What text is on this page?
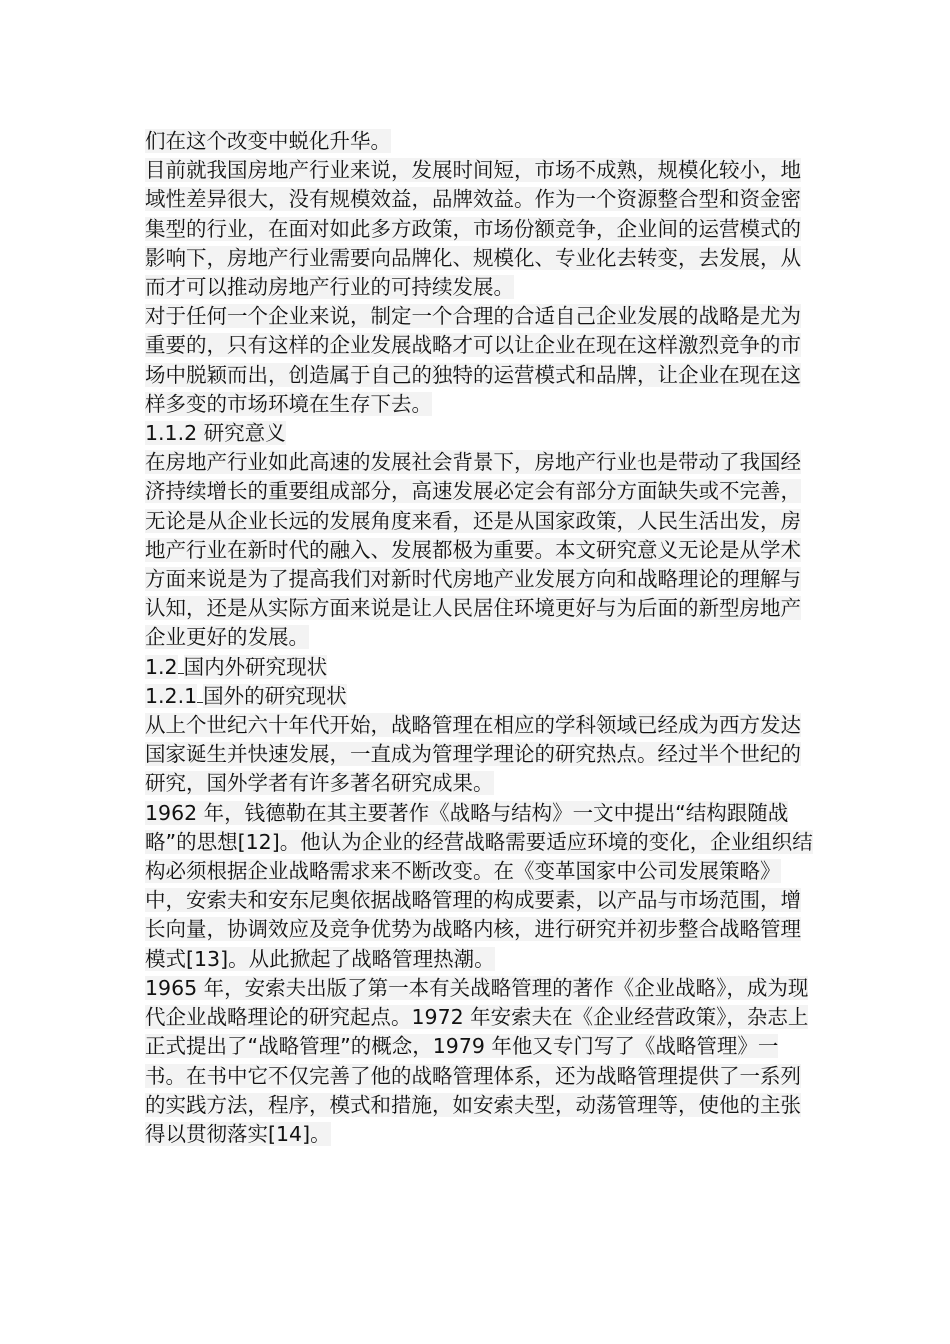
们在这个改变中蜕化升华。

目前就我国房地产行业来说，发展时间短，市场不成熟，规模化较小，地域性差异很大，没有规模效益，品牌效益。作为一个资源整合型和资金密集型的行业，在面对如此多方政策，市场份额竞争，企业间的运营模式的影响下，房地产行业需要向品牌化、规模化、专业化去转变，去发展，从而才可以推动房地产行业的可持续发展。

对于任何一个企业来说，制定一个合理的合适自己企业发展的战略是尤为重要的，只有这样的企业发展战略才可以让企业在现在这样激烈竞争的市场中脱颖而出，创造属于自己的独特的运营模式和品牌，让企业在现在这样多变的市场环境在生存下去。

1.1.2 研究意义

在房地产行业如此高速的发展社会背景下，房地产行业也是带动了我国经济持续增长的重要组成部分，高速发展必定会有部分方面缺失或不完善，无论是从企业长远的发展角度来看，还是从国家政策，人民生活出发，房地产行业在新时代的融入、发展都极为重要。本文研究意义无论是从学术方面来说是为了提高我们对新时代房地产业发展方向和战略理论的理解与认知，还是从实际方面来说是让人民居住环境更好与为后面的新型房地产企业更好的发展。

1.2 国内外研究现状

1.2.1 国外的研究现状

从上个世纪六十年代开始，战略管理在相应的学科领域已经成为西方发达国家诞生并快速发展，一直成为管理学理论的研究热点。经过半个世纪的研究，国外学者有许多著名研究成果。

1962 年，钱德勒在其主要著作《战略与结构》一文中提出“结构跟随战略”的思想[12]。他认为企业的经营战略需要适应环境的变化，企业组织结构必须根据企业战略需求来不断改变。在《变革国家中公司发展策略》中，安索夫和安东尼奥依据战略管理的构成要素，以产品与市场范围，增长向量，协调效应及竞争优势为战略内核，进行研究并初步整合战略管理模式[13]。从此掀起了战略管理热潮。

1965 年，安索夫出版了第一本有关战略管理的著作《企业战略》，成为现代企业战略理论的研究起点。1972 年安索夫在《企业经营政策》，杂志上正式提出了“战略管理”的概念，1979 年他又专门写了《战略管理》一书。在书中它不仅完善了他的战略管理体系，还为战略管理提供了一系列的实践方法，程序，模式和措施，如安索夫型，动荡管理等，使他的主张得以贯彻落实[14]。
